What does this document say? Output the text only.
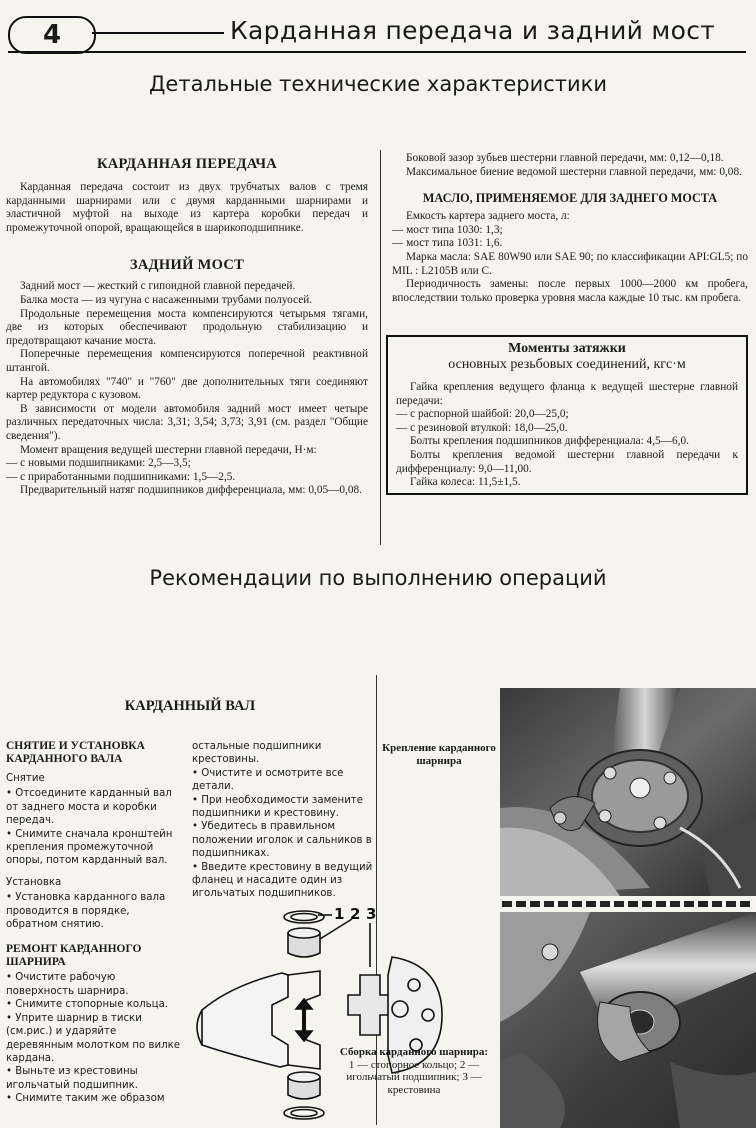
4	Карданная передача и задний мост
Детальные технические характеристики
КАРДАННАЯ ПЕРЕДАЧА

Карданная передача состоит из двух трубчатых валов с тремя карданными шарнирами или с двумя карданными шарнирами и эластичной муфтой на выходе из картера коробки передач и промежуточной опорой, вращающейся в шарикоподшипнике.

ЗАДНИЙ МОСТ

Задний мост — жесткий с гипоидной главной передачей.

Балка моста — из чугуна с насаженными трубами полуосей.

Продольные перемещения моста компенсируются четырьмя тягами, две из которых обеспечивают продольную стабилизацию и предотвращают качание моста.

Поперечные перемещения компенсируются поперечной реактивной штангой.

На автомобилях "740" и "760" две дополнительных тяги соединяют картер редуктора с кузовом.

В зависимости от модели автомобиля задний мост имеет четыре различных передаточных числа: 3,31; 3,54; 3,73; 3,91 (см. раздел "Общие сведения").

Момент вращения ведущей шестерни главной передачи, Н·м:

— с новыми подшипниками: 2,5—3,5;

— с приработанными подшипниками: 1,5—2,5.

Предварительный натяг подшипников дифференциала, мм: 0,05—0,08.

Боковой зазор зубьев шестерни главной передачи, мм: 0,12—0,18.

Максимальное биение ведомой шестерни главной передачи, мм: 0,08.

МАСЛО, ПРИМЕНЯЕМОЕ ДЛЯ ЗАДНЕГО МОСТА

Емкость картера заднего моста, л:

— мост типа 1030: 1,3;

— мост типа 1031: 1,6.

Марка масла: SAE 80W90 или SAE 90; по классификации API:GL5; по MIL : L2105B или C.

Периодичность замены: после первых 1000—2000 км пробега, впоследствии только проверка уровня масла каждые 10 тыс. км пробега.

Моменты затяжки
основных резьбовых соединений, кгс·м

Гайка крепления ведущего фланца к ведущей шестерне главной передачи:

— с распорной шайбой: 20,0—25,0;

— с резиновой втулкой: 18,0—25,0.

Болты крепления подшипников дифференциала: 4,5—6,0.

Болты крепления ведомой шестерни главной передачи к дифференциалу: 9,0—11,00.

Гайка колеса: 11,5±1,5.

Рекомендации по выполнению операций
КАРДАННЫЙ ВАЛ

СНЯТИЕ И УСТАНОВКА КАРДАННОГО ВАЛА

Снятие

• Отсоедините карданный вал от заднего моста и коробки передач.

• Снимите сначала кронштейн крепления промежуточной опоры, потом карданный вал.

Установка

• Установка карданного вала проводится в порядке, обратном снятию.

РЕМОНТ КАРДАННОГО ШАРНИРА

• Очистите рабочую поверхность шарнира.

• Снимите стопорные кольца.

• Уприте шарнир в тиски (см.рис.) и ударяйте деревянным молотком по вилке кардана.

• Выньте из крестовины игольчатый подшипник.

• Снимите таким же образом

остальные подшипники крестовины.

• Очистите и осмотрите все детали.

• При необходимости замените подшипники и крестовину.

• Убедитесь в правильном положении иголок и сальников в подшипниках.

• Введите крестовину в ведущий фланец и насадите один из игольчатых подшипников.

Крепление карданного шарнира
1 2 3
Сборка карданного шарнира:
1 — стопорное кольцо; 2 — игольчатый подшипник; 3 — крестовина
